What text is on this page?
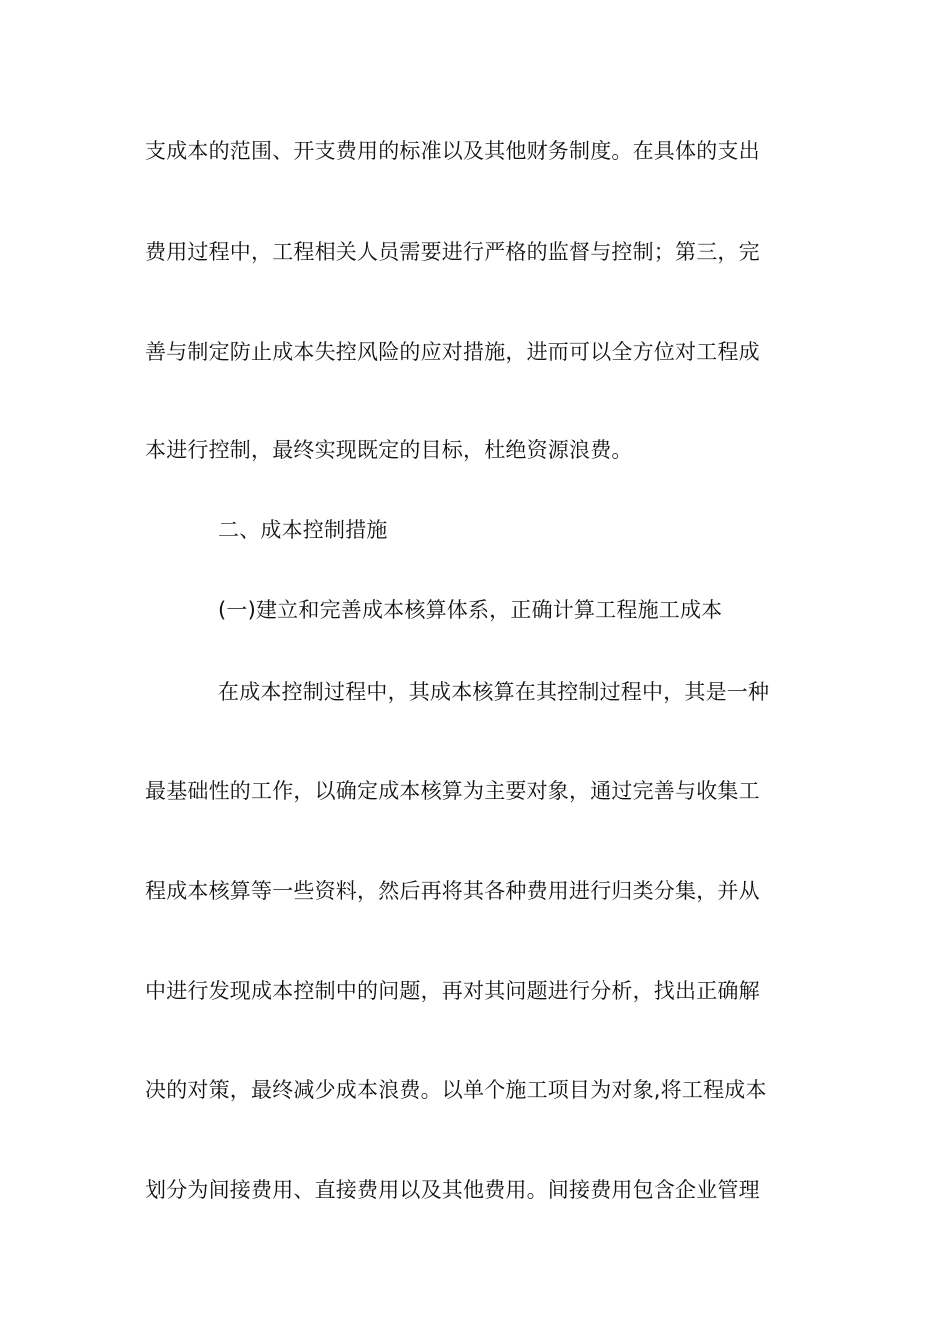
支成本的范围、开支费用的标准以及其他财务制度。在具体的支出
费用过程中，工程相关人员需要进行严格的监督与控制；第三，完
善与制定防止成本失控风险的应对措施，进而可以全方位对工程成
本进行控制，最终实现既定的目标，杜绝资源浪费。
二、成本控制措施
(一)建立和完善成本核算体系，正确计算工程施工成本
在成本控制过程中，其成本核算在其控制过程中，其是一种
最基础性的工作，以确定成本核算为主要对象，通过完善与收集工
程成本核算等一些资料，然后再将其各种费用进行归类分集，并从
中进行发现成本控制中的问题，再对其问题进行分析，找出正确解
决的对策，最终减少成本浪费。以单个施工项目为对象,将工程成本
划分为间接费用、直接费用以及其他费用。间接费用包含企业管理
